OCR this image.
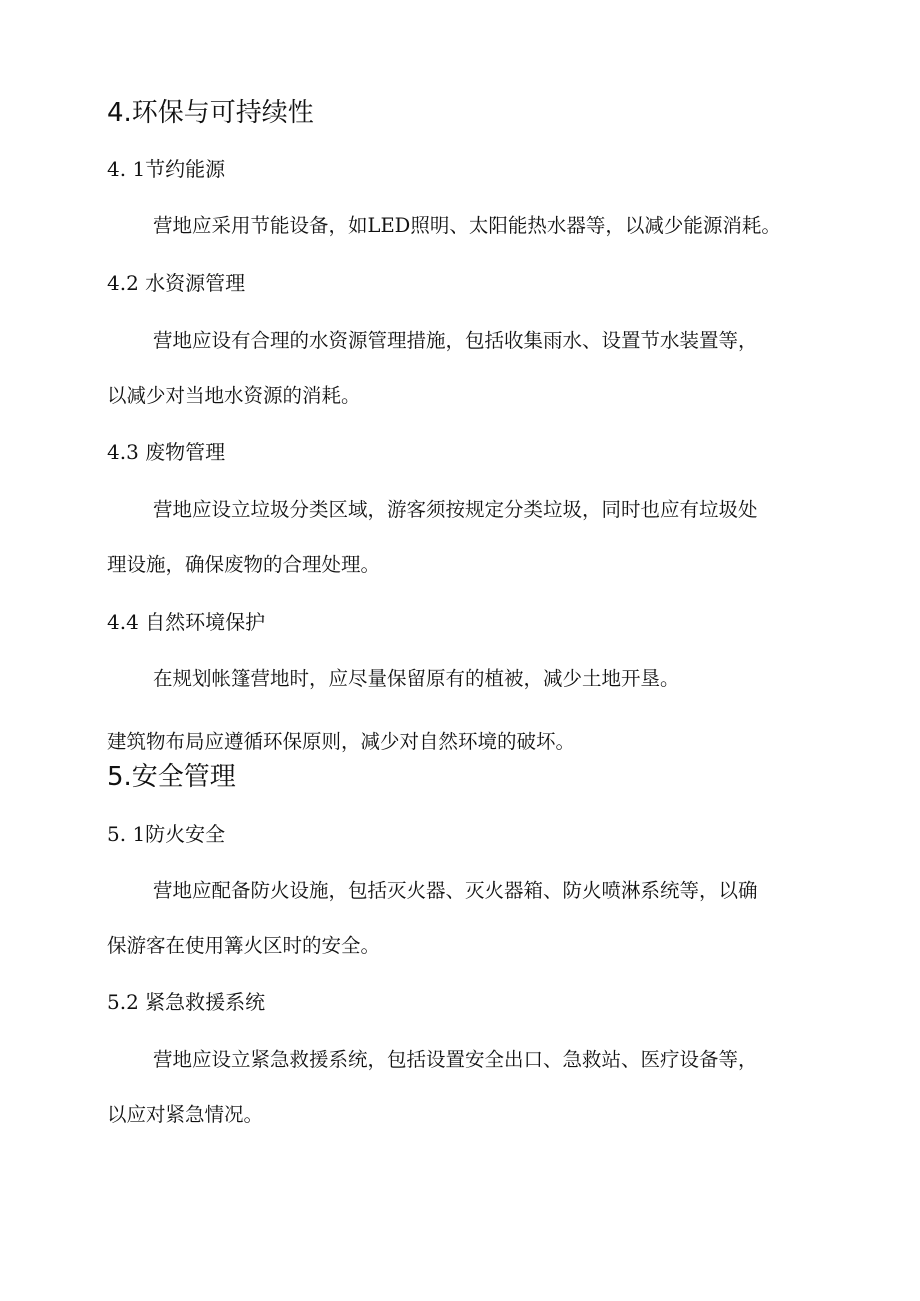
4.环保与可持续性
4. 1节约能源

营地应采用节能设备，如LED照明、太阳能热水器等，以减少能源消耗。

4.2 水资源管理

营地应设有合理的水资源管理措施，包括收集雨水、设置节水装置等，

以减少对当地水资源的消耗。

4.3 废物管理

营地应设立垃圾分类区域，游客须按规定分类垃圾，同时也应有垃圾处

理设施，确保废物的合理处理。

4.4 自然环境保护

在规划帐篷营地时，应尽量保留原有的植被，减少土地开垦。

建筑物布局应遵循环保原则，减少对自然环境的破坏。

5.安全管理
5. 1防火安全

营地应配备防火设施，包括灭火器、灭火器箱、防火喷淋系统等，以确

保游客在使用篝火区时的安全。

5.2 紧急救援系统

营地应设立紧急救援系统，包括设置安全出口、急救站、医疗设备等，

以应对紧急情况。
